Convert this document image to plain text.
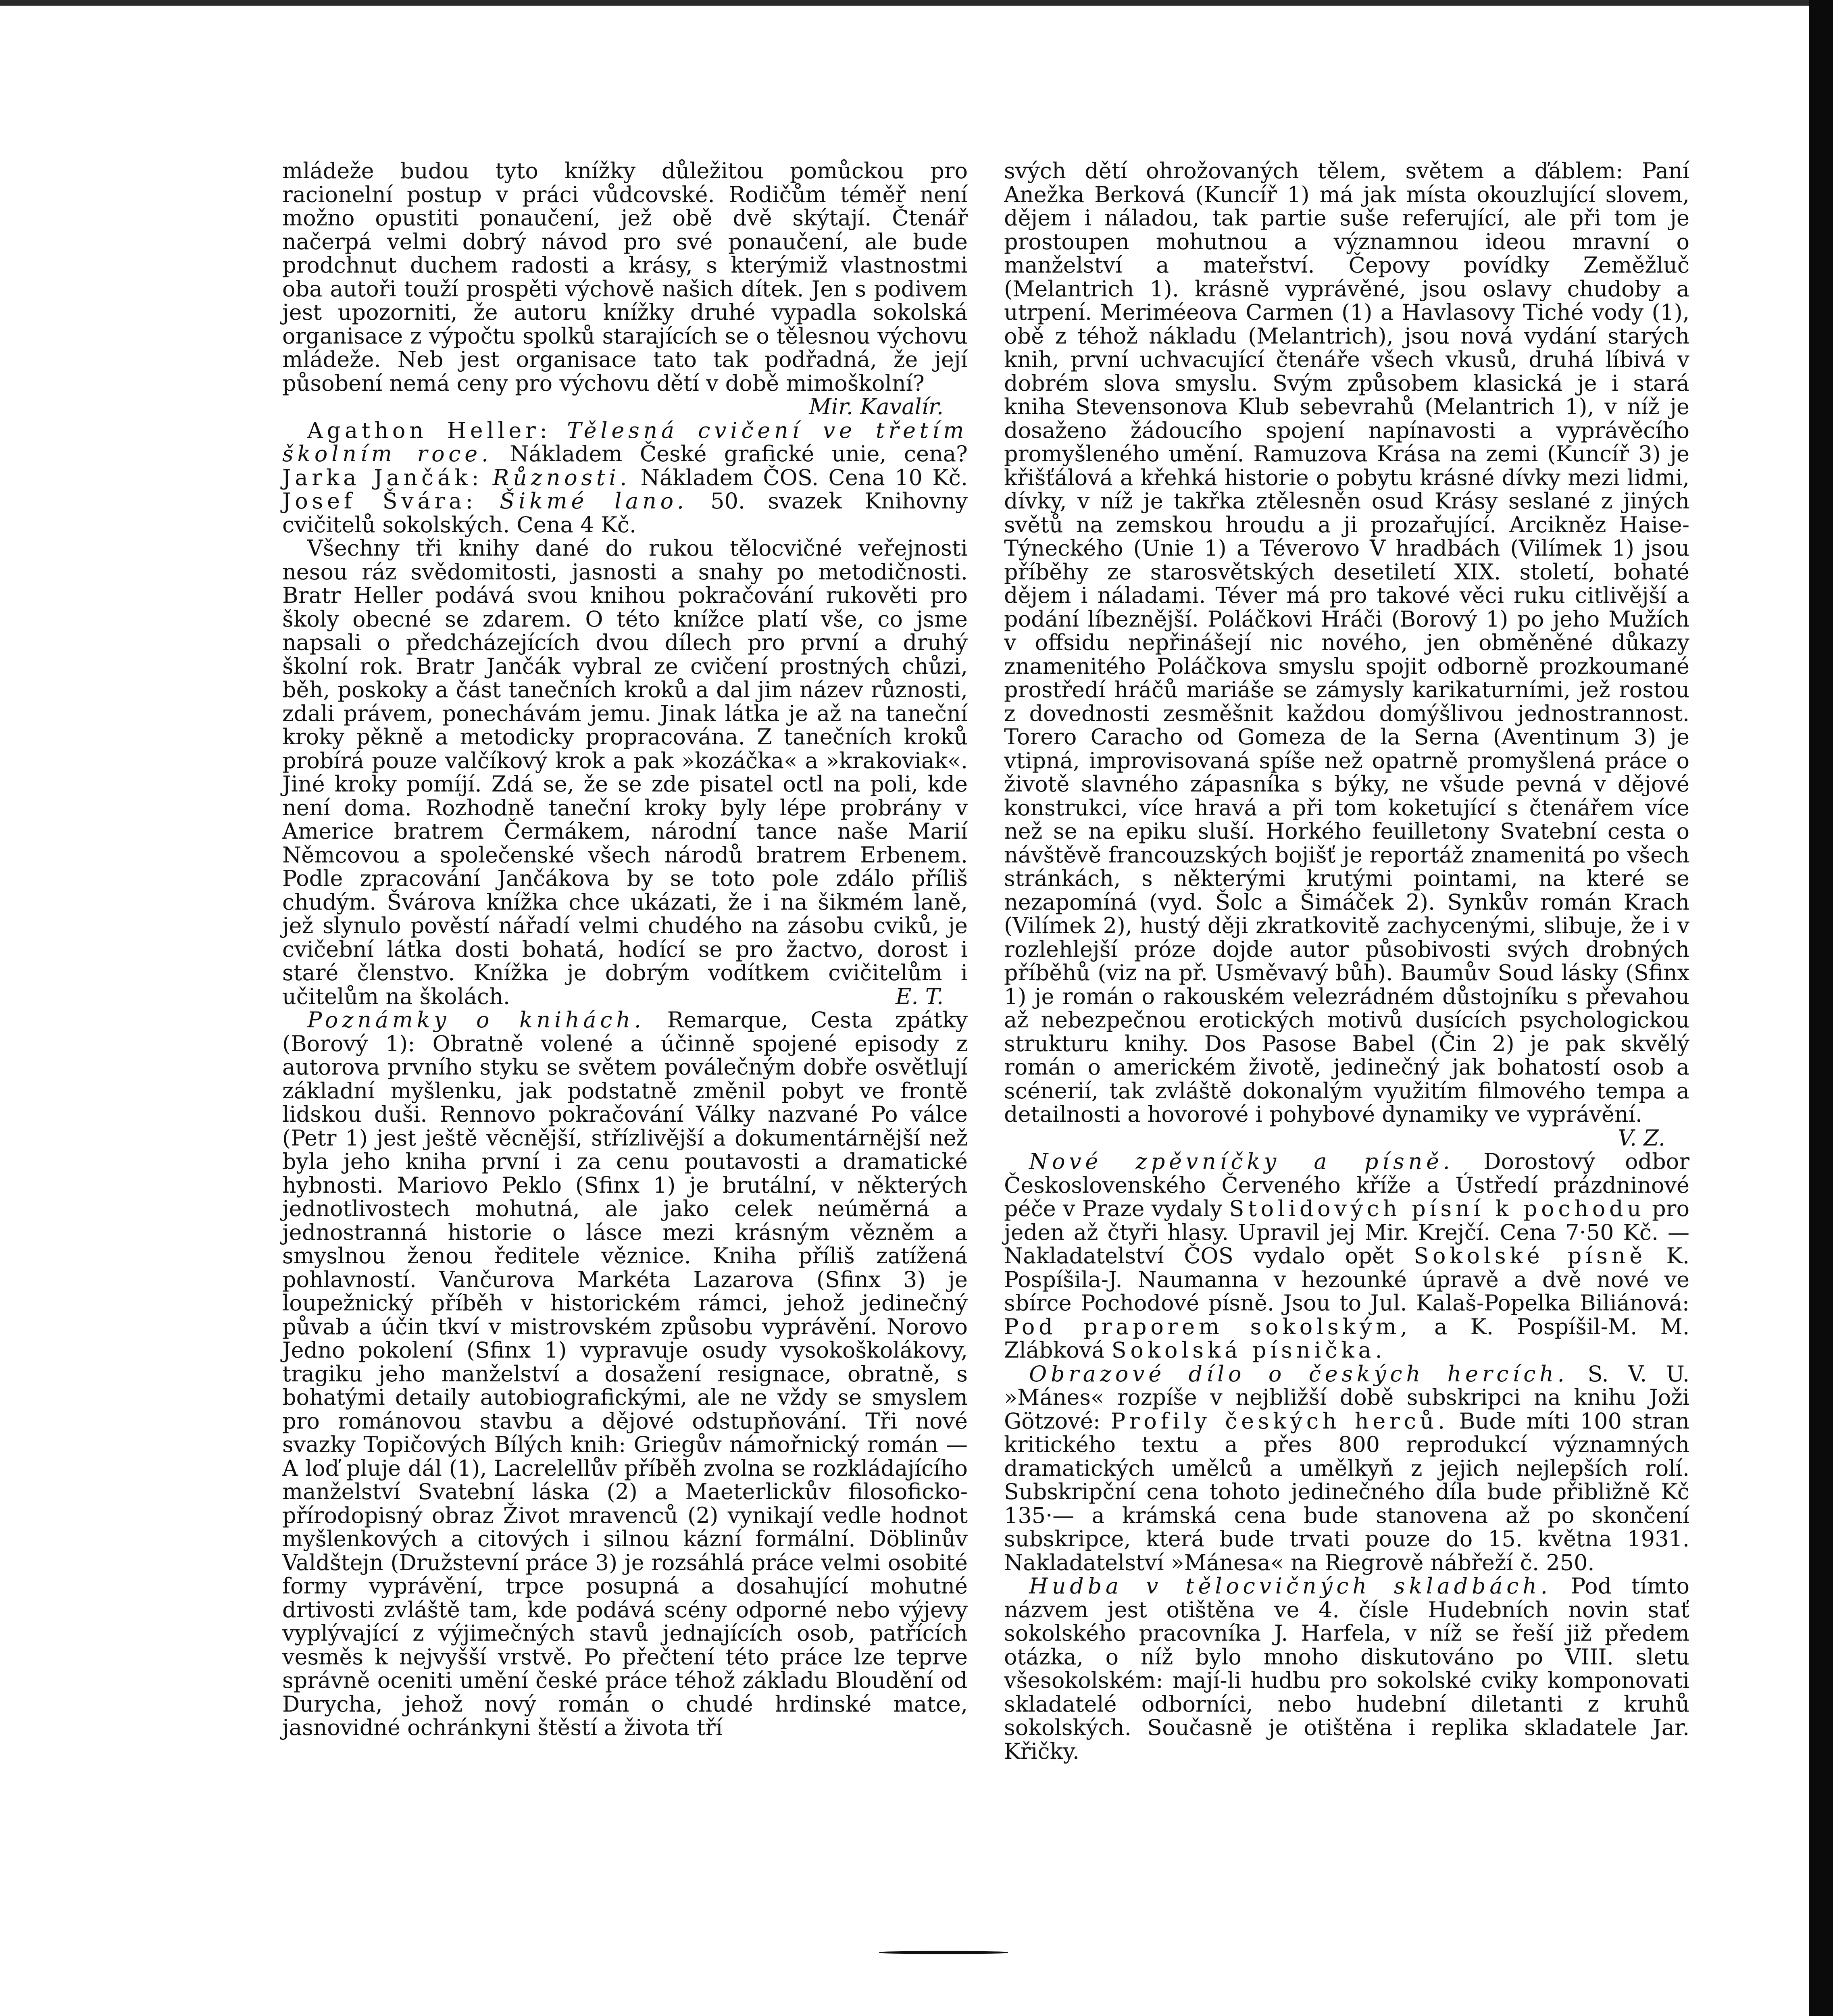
mládeže budou tyto knížky důležitou pomůckou pro racionelní postup v práci vůdcovské. Rodičům téměř není možno opustiti ponaučení, jež obě dvě skýtají. Čtenář načerpá velmi dobrý návod pro své ponaučení, ale bude prodchnut duchem radosti a krásy, s kterýmiž vlastnostmi oba autoři touží prospěti výchově našich dítek. Jen s podivem jest upozorniti, že autoru knížky druhé vypadla sokolská organisace z výpočtu spolků starajících se o tělesnou výchovu mládeže. Neb jest organisace tato tak podřadná, že její působení nemá ceny pro výchovu dětí v době mimoškolní?
Mir. Kavalír.

Agathon Heller: Tělesná cvičení ve třetím školním roce. Nákladem České grafické unie, cena? Jarka Jančák: Různosti. Nákladem ČOS. Cena 10 Kč. Josef Švára: Šikmé lano. 50. svazek Knihovny cvičitelů sokolských. Cena 4 Kč.

Všechny tři knihy dané do rukou tělocvičné veřejnosti nesou ráz svědomitosti, jasnosti a snahy po metodičnosti. Bratr Heller podává svou knihou pokračování rukověti pro školy obecné se zdarem. O této knížce platí vše, co jsme napsali o předcházejících dvou dílech pro první a druhý školní rok. Bratr Jančák vybral ze cvičení prostných chůzi, běh, poskoky a část tanečních kroků a dal jim název různosti, zdali právem, ponechávám jemu. Jinak látka je až na taneční kroky pěkně a metodicky propracována. Z tanečních kroků probírá pouze valčíkový krok a pak »kozáčka« a »krakoviak«. Jiné kroky pomíjí. Zdá se, že se zde pisatel octl na poli, kde není doma. Rozhodně taneční kroky byly lépe probrány v Americe bratrem Čermákem, národní tance naše Marií Němcovou a společenské všech národů bratrem Erbenem. Podle zpracování Jančákova by se toto pole zdálo příliš chudým. Švárova knížka chce ukázati, že i na šikmém laně, jež slynulo pověstí nářadí velmi chudého na zásobu cviků, je cvičební látka dosti bohatá, hodící se pro žactvo, dorost i staré členstvo. Knížka je dobrým vodítkem cvičitelům i učitelům na školách.	E. T.

Poznámky o knihách. Remarque, Cesta zpátky (Borový 1): Obratně volené a účinně spojené episody z autorova prvního styku se světem poválečným dobře osvětlují základní myšlenku, jak podstatně změnil pobyt ve frontě lidskou duši. Rennovo pokračování Války nazvané Po válce (Petr 1) jest ještě věcnější, střízlivější a dokumentárnější než byla jeho kniha první i za cenu poutavosti a dramatické hybnosti. Mariovo Peklo (Sfinx 1) je brutální, v některých jednotlivostech mohutná, ale jako celek neúměrná a jednostranná historie o lásce mezi krásným vězněm a smyslnou ženou ředitele věznice. Kniha příliš zatížená pohlavností. Vančurova Markéta Lazarova (Sfinx 3) je loupežnický příběh v historickém rámci, jehož jedinečný půvab a účin tkví v mistrovském způsobu vyprávění. Norovo Jedno pokolení (Sfinx 1) vypravuje osudy vysokoškolákovy, tragiku jeho manželství a dosažení resignace, obratně, s bohatými detaily autobiografickými, ale ne vždy se smyslem pro románovou stavbu a dějové odstupňování. Tři nové svazky Topičových Bílých knih: Griegův námořnický román — A loď pluje dál (1), Lacrelellův příběh zvolna se rozkládajícího manželství Svatební láska (2) a Maeterlickův filosoficko-přírodopisný obraz Život mravenců (2) vynikají vedle hodnot myšlenkových a citových i silnou kázní formální. Döblinův Valdštejn (Družstevní práce 3) je rozsáhlá práce velmi osobité formy vyprávění, trpce posupná a dosahující mohutné drtivosti zvláště tam, kde podává scény odporné nebo výjevy vyplývající z výjimečných stavů jednajících osob, patřících vesměs k nejvyšší vrstvě. Po přečtení této práce lze teprve správně oceniti umění české práce téhož základu Bloudění od Durycha, jehož nový román o chudé hrdinské matce, jasnovidné ochránkyni štěstí a života tří

svých dětí ohrožovaných tělem, světem a ďáblem: Paní Anežka Berková (Kuncíř 1) má jak místa okouzlující slovem, dějem i náladou, tak partie suše referující, ale při tom je prostoupen mohutnou a významnou ideou mravní o manželství a mateřství. Čepovy povídky Zeměžluč (Melantrich 1). krásně vyprávěné, jsou oslavy chudoby a utrpení. Meriméeova Carmen (1) a Havlasovy Tiché vody (1), obě z téhož nákladu (Melantrich), jsou nová vydání starých knih, první uchvacující čtenáře všech vkusů, druhá líbivá v dobrém slova smyslu. Svým způsobem klasická je i stará kniha Stevensonova Klub sebevrahů (Melantrich 1), v níž je dosaženo žádoucího spojení napínavosti a vyprávěcího promyšleného umění. Ramuzova Krása na zemi (Kuncíř 3) je křišťálová a křehká historie o pobytu krásné dívky mezi lidmi, dívky, v níž je takřka ztělesněn osud Krásy seslané z jiných světů na zemskou hroudu a ji prozařující. Arcikněz Haise-Týneckého (Unie 1) a Téverovo V hradbách (Vilímek 1) jsou příběhy ze starosvětských desetiletí XIX. století, bohaté dějem i náladami. Téver má pro takové věci ruku citlivější a podání líbeznější. Poláčkovi Hráči (Borový 1) po jeho Mužích v offsidu nepřinášejí nic nového, jen obměněné důkazy znamenitého Poláčkova smyslu spojit odborně prozkoumané prostředí hráčů mariáše se zámysly karikaturními, jež rostou z dovednosti zesměšnit každou domýšlivou jednostrannost. Torero Caracho od Gomeza de la Serna (Aventinum 3) je vtipná, improvisovaná spíše než opatrně promyšlená práce o životě slavného zápasníka s býky, ne všude pevná v dějové konstrukci, více hravá a při tom koketující s čtenářem více než se na epiku sluší. Horkého feuilletony Svatební cesta o návštěvě francouzských bojišť je reportáž znamenitá po všech stránkách, s některými krutými pointami, na které se nezapomíná (vyd. Šolc a Šimáček 2). Synkův román Krach (Vilímek 2), hustý ději zkratkovitě zachycenými, slibuje, že i v rozlehlejší próze dojde autor působivosti svých drobných příběhů (viz na př. Usměvavý bůh). Baumův Soud lásky (Sfinx 1) je román o rakouském velezrádném důstojníku s převahou až nebezpečnou erotických motivů dusících psychologickou strukturu knihy. Dos Pasose Babel (Čin 2) je pak skvělý román o americkém životě, jedinečný jak bohatostí osob a scénerií, tak zvláště dokonalým využitím filmového tempa a detailnosti a hovorové i pohybové dynamiky ve vyprávění.
V. Z.

Nové zpěvníčky a písně. Dorostový odbor Československého Červeného kříže a Ústředí prázdninové péče v Praze vydaly Stolidových písní k pochodu pro jeden až čtyři hlasy. Upravil jej Mir. Krejčí. Cena 7·50 Kč. — Nakladatelství ČOS vydalo opět Sokolské písně K. Pospíšila-J. Naumanna v hezounké úpravě a dvě nové ve sbírce Pochodové písně. Jsou to Jul. Kalaš-Popelka Biliánová: Pod praporem sokolským, a K. Pospíšil-M. M. Zlábková Sokolská písnička.

Obrazové dílo o českých hercích. S. V. U. »Mánes« rozpíše v nejbližší době subskripci na knihu Joži Götzové: Profily českých herců. Bude míti 100 stran kritického textu a přes 800 reprodukcí významných dramatických umělců a umělkyň z jejich nejlepších rolí. Subskripční cena tohoto jedinečného díla bude přibližně Kč 135·— a krámská cena bude stanovena až po skončení subskripce, která bude trvati pouze do 15. května 1931. Nakladatelství »Mánesa« na Riegrově nábřeží č. 250.

Hudba v tělocvičných skladbách. Pod tímto názvem jest otištěna ve 4. čísle Hudebních novin stať sokolského pracovníka J. Harfela, v níž se řeší již předem otázka, o níž bylo mnoho diskutováno po VIII. sletu všesokolském: mají-li hudbu pro sokolské cviky komponovati skladatelé odborníci, nebo hudební diletanti z kruhů sokolských. Současně je otištěna i replika skladatele Jar. Křičky.
